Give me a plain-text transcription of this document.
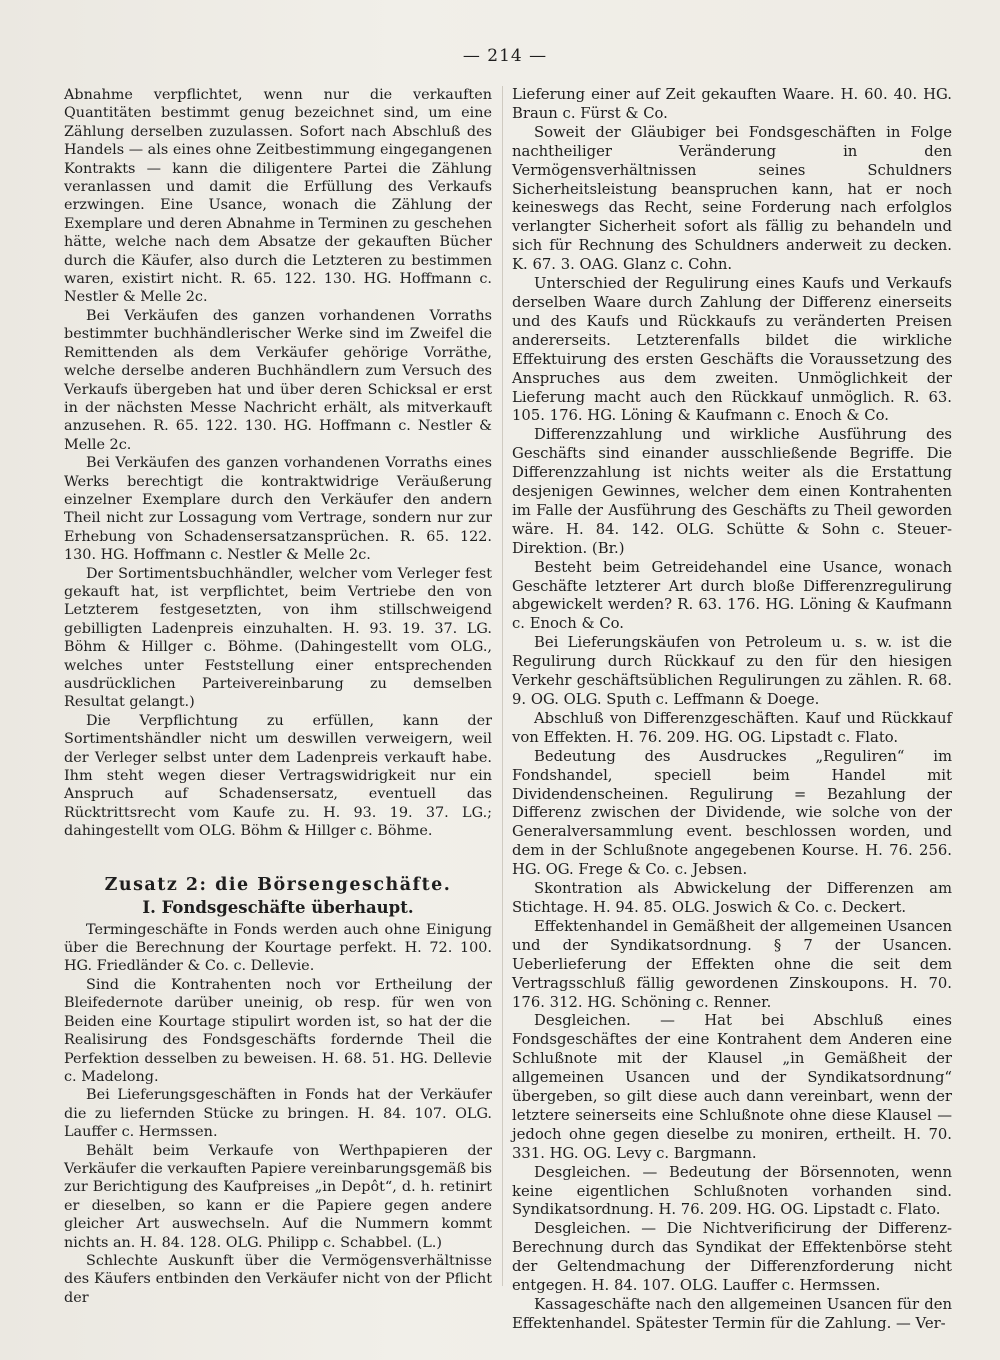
— 214 —

Abnahme verpflichtet, wenn nur die verkauften Quantitäten bestimmt genug bezeichnet sind, um eine Zählung derselben zuzulassen. Sofort nach Abschluß des Handels — als eines ohne Zeitbestimmung eingegangenen Kontrakts — kann die diligentere Partei die Zählung veranlassen und damit die Erfüllung des Verkaufs erzwingen. Eine Usance, wonach die Zählung der Exemplare und deren Abnahme in Terminen zu geschehen hätte, welche nach dem Absatze der gekauften Bücher durch die Käufer, also durch die Letzteren zu bestimmen waren, existirt nicht. R. 65. 122. 130. HG. Hoffmann c. Nestler & Melle 2c.

Bei Verkäufen des ganzen vorhandenen Vorraths bestimmter buchhändlerischer Werke sind im Zweifel die Remittenden als dem Verkäufer gehörige Vorräthe, welche derselbe anderen Buchhändlern zum Versuch des Verkaufs übergeben hat und über deren Schicksal er erst in der nächsten Messe Nachricht erhält, als mitverkauft anzusehen. R. 65. 122. 130. HG. Hoffmann c. Nestler & Melle 2c.

Bei Verkäufen des ganzen vorhandenen Vorraths eines Werks berechtigt die kontraktwidrige Veräußerung einzelner Exemplare durch den Verkäufer den andern Theil nicht zur Lossagung vom Vertrage, sondern nur zur Erhebung von Schadensersatzansprüchen. R. 65. 122. 130. HG. Hoffmann c. Nestler & Melle 2c.

Der Sortimentsbuchhändler, welcher vom Verleger fest gekauft hat, ist verpflichtet, beim Vertriebe den von Letzterem festgesetzten, von ihm stillschweigend gebilligten Ladenpreis einzuhalten. H. 93. 19. 37. LG. Böhm & Hillger c. Böhme. (Dahingestellt vom OLG., welches unter Feststellung einer entsprechenden ausdrücklichen Parteivereinbarung zu demselben Resultat gelangt.)

Die Verpflichtung zu erfüllen, kann der Sortimentshändler nicht um deswillen verweigern, weil der Verleger selbst unter dem Ladenpreis verkauft habe. Ihm steht wegen dieser Vertragswidrigkeit nur ein Anspruch auf Schadensersatz, eventuell das Rücktrittsrecht vom Kaufe zu. H. 93. 19. 37. LG.; dahingestellt vom OLG. Böhm & Hillger c. Böhme.

Zusatz 2: die Börsengeschäfte.

I. Fondsgeschäfte überhaupt.

Termingeschäfte in Fonds werden auch ohne Einigung über die Berechnung der Kourtage perfekt. H. 72. 100. HG. Friedländer & Co. c. Dellevie.

Sind die Kontrahenten noch vor Ertheilung der Bleifedernote darüber uneinig, ob resp. für wen von Beiden eine Kourtage stipulirt worden ist, so hat der die Realisirung des Fondsgeschäfts fordernde Theil die Perfektion desselben zu beweisen. H. 68. 51. HG. Dellevie c. Madelong.

Bei Lieferungsgeschäften in Fonds hat der Verkäufer die zu liefernden Stücke zu bringen. H. 84. 107. OLG. Lauffer c. Hermssen.

Behält beim Verkaufe von Werthpapieren der Verkäufer die verkauften Papiere vereinbarungsgemäß bis zur Berichtigung des Kaufpreises „in Depôt“, d. h. retinirt er dieselben, so kann er die Papiere gegen andere gleicher Art auswechseln. Auf die Nummern kommt nichts an. H. 84. 128. OLG. Philipp c. Schabbel. (L.)

Schlechte Auskunft über die Vermögensverhältnisse des Käufers entbinden den Verkäufer nicht von der Pflicht der

Lieferung einer auf Zeit gekauften Waare. H. 60. 40. HG. Braun c. Fürst & Co.

Soweit der Gläubiger bei Fondsgeschäften in Folge nachtheiliger Veränderung in den Vermögensverhältnissen seines Schuldners Sicherheitsleistung beanspruchen kann, hat er noch keineswegs das Recht, seine Forderung nach erfolglos verlangter Sicherheit sofort als fällig zu behandeln und sich für Rechnung des Schuldners anderweit zu decken. K. 67. 3. OAG. Glanz c. Cohn.

Unterschied der Regulirung eines Kaufs und Verkaufs derselben Waare durch Zahlung der Differenz einerseits und des Kaufs und Rückkaufs zu veränderten Preisen andererseits. Letzterenfalls bildet die wirkliche Effektuirung des ersten Geschäfts die Voraussetzung des Anspruches aus dem zweiten. Unmöglichkeit der Lieferung macht auch den Rückkauf unmöglich. R. 63. 105. 176. HG. Löning & Kaufmann c. Enoch & Co.

Differenzzahlung und wirkliche Ausführung des Geschäfts sind einander ausschließende Begriffe. Die Differenzzahlung ist nichts weiter als die Erstattung desjenigen Gewinnes, welcher dem einen Kontrahenten im Falle der Ausführung des Geschäfts zu Theil geworden wäre. H. 84. 142. OLG. Schütte & Sohn c. Steuer-Direktion. (Br.)

Besteht beim Getreidehandel eine Usance, wonach Geschäfte letzterer Art durch bloße Differenzregulirung abgewickelt werden? R. 63. 176. HG. Löning & Kaufmann c. Enoch & Co.

Bei Lieferungskäufen von Petroleum u. s. w. ist die Regulirung durch Rückkauf zu den für den hiesigen Verkehr geschäftsüblichen Regulirungen zu zählen. R. 68. 9. OG. OLG. Sputh c. Leffmann & Doege.

Abschluß von Differenzgeschäften. Kauf und Rückkauf von Effekten. H. 76. 209. HG. OG. Lipstadt c. Flato.

Bedeutung des Ausdruckes „Reguliren“ im Fondshandel, speciell beim Handel mit Dividendenscheinen. Regulirung = Bezahlung der Differenz zwischen der Dividende, wie solche von der Generalversammlung event. beschlossen worden, und dem in der Schlußnote angegebenen Kourse. H. 76. 256. HG. OG. Frege & Co. c. Jebsen.

Skontration als Abwickelung der Differenzen am Stichtage. H. 94. 85. OLG. Joswich & Co. c. Deckert.

Effektenhandel in Gemäßheit der allgemeinen Usancen und der Syndikatsordnung. § 7 der Usancen. Ueberlieferung der Effekten ohne die seit dem Vertragsschluß fällig gewordenen Zinskoupons. H. 70. 176. 312. HG. Schöning c. Renner.

Desgleichen. — Hat bei Abschluß eines Fondsgeschäftes der eine Kontrahent dem Anderen eine Schlußnote mit der Klausel „in Gemäßheit der allgemeinen Usancen und der Syndikatsordnung“ übergeben, so gilt diese auch dann vereinbart, wenn der letztere seinerseits eine Schlußnote ohne diese Klausel — jedoch ohne gegen dieselbe zu moniren, ertheilt. H. 70. 331. HG. OG. Levy c. Bargmann.

Desgleichen. — Bedeutung der Börsennoten, wenn keine eigentlichen Schlußnoten vorhanden sind. Syndikatsordnung. H. 76. 209. HG. OG. Lipstadt c. Flato.

Desgleichen. — Die Nichtverificirung der Differenz-Berechnung durch das Syndikat der Effektenbörse steht der Geltendmachung der Differenzforderung nicht entgegen. H. 84. 107. OLG. Lauffer c. Hermssen.

Kassageschäfte nach den allgemeinen Usancen für den Effektenhandel. Spätester Termin für die Zahlung. — Ver-
